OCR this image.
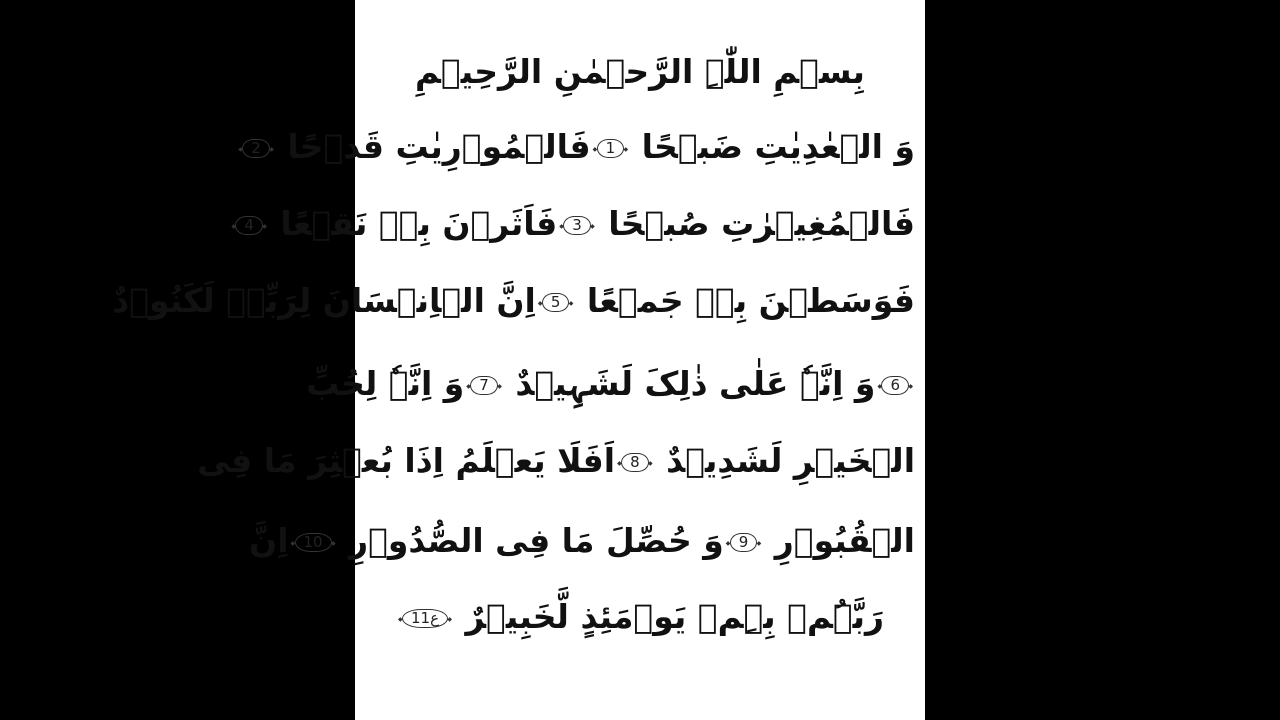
بِسۡمِ اللّٰہِ الرَّحۡمٰنِ الرَّحِیۡمِ
وَ الۡعٰدِیٰتِ ضَبۡحًا ◆ 1 ◆فَالۡمُوۡرِیٰتِ قَدۡحًا ◆ 2 ◆
فَالۡمُغِیۡرٰتِ صُبۡحًا ◆ 3 ◆فَاَثَرۡنَ بِہٖ نَقۡعًا ◆ 4 ◆
فَوَسَطۡنَ بِہٖ جَمۡعًا ◆ 5 ◆اِنَّ الۡاِنۡسَانَ لِرَبِّہٖ لَکَنُوۡدٌ
◆ 6 ◆وَ اِنَّہٗ عَلٰی ذٰلِکَ لَشَہِیۡدٌ ◆ 7 ◆وَ اِنَّہٗ لِحُبِّ
الۡخَیۡرِ لَشَدِیۡدٌ ◆ 8 ◆اَفَلَا یَعۡلَمُ اِذَا بُعۡثِرَ مَا فِی
الۡقُبُوۡرِ ◆ 9 ◆وَ حُصِّلَ مَا فِی الصُّدُوۡرِ ◆ 10 ◆اِنَّ
رَبَّہُمۡ بِہِمۡ یَوۡمَئِذٍ لَّخَبِیۡرٌ ◆ 11ع ◆
